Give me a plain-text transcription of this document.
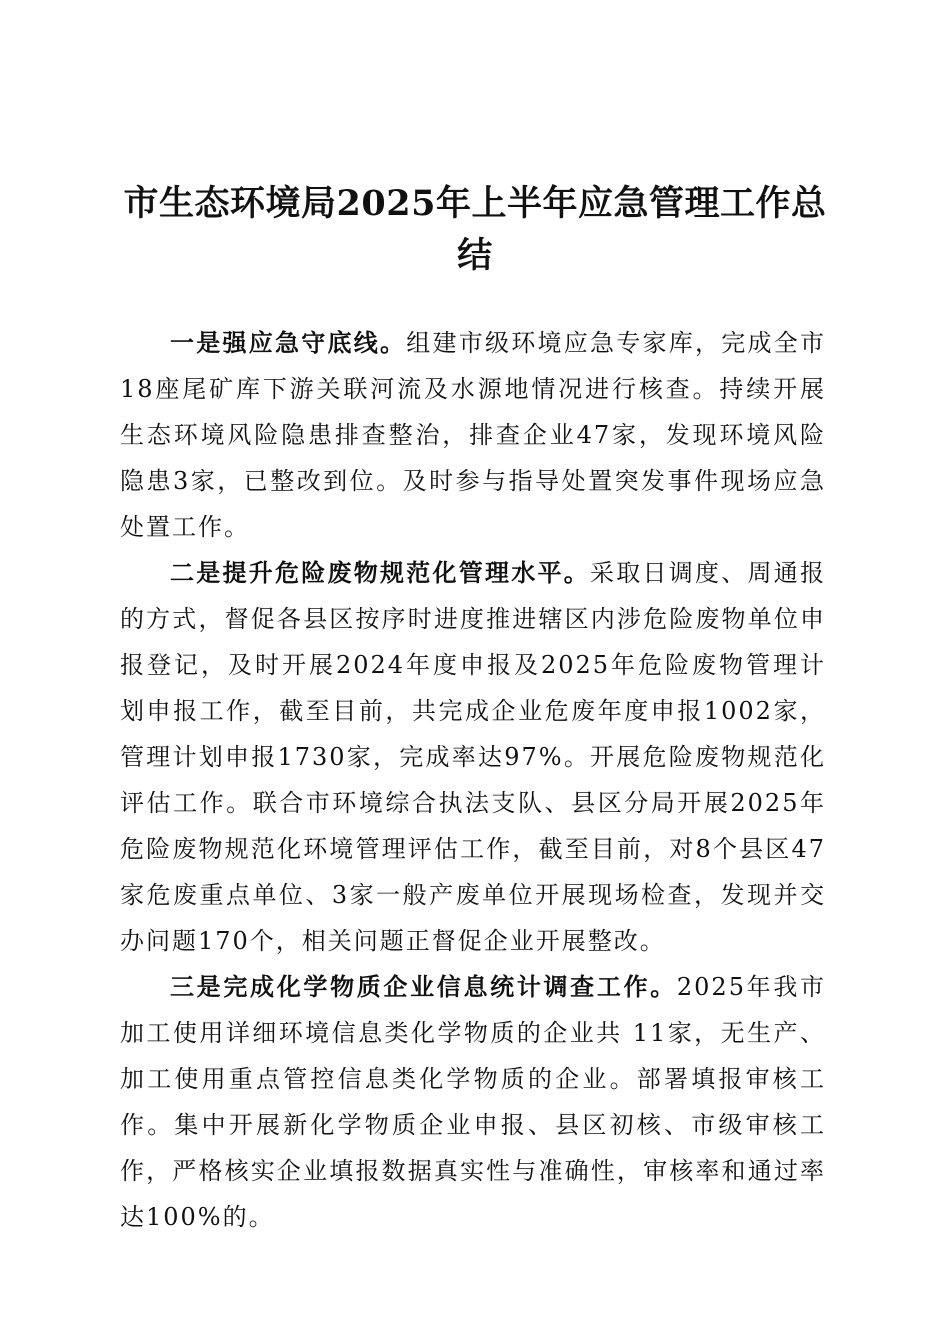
市生态环境局2025年上半年应急管理工作总结

一是强应急守底线。组建市级环境应急专家库，完成全市18座尾矿库下游关联河流及水源地情况进行核查。持续开展生态环境风险隐患排查整治，排查企业47家，发现环境风险隐患3家，已整改到位。及时参与指导处置突发事件现场应急处置工作。

二是提升危险废物规范化管理水平。采取日调度、周通报的方式，督促各县区按序时进度推进辖区内涉危险废物单位申报登记，及时开展2024年度申报及2025年危险废物管理计划申报工作，截至目前，共完成企业危废年度申报1002家，管理计划申报1730家，完成率达97%。开展危险废物规范化评估工作。联合市环境综合执法支队、县区分局开展2025年危险废物规范化环境管理评估工作，截至目前，对8个县区47家危废重点单位、3家一般产废单位开展现场检查，发现并交办问题170个，相关问题正督促企业开展整改。

三是完成化学物质企业信息统计调查工作。2025年我市加工使用详细环境信息类化学物质的企业共 11家，无生产、加工使用重点管控信息类化学物质的企业。部署填报审核工作。集中开展新化学物质企业申报、县区初核、市级审核工作，严格核实企业填报数据真实性与准确性，审核率和通过率达100%的。
